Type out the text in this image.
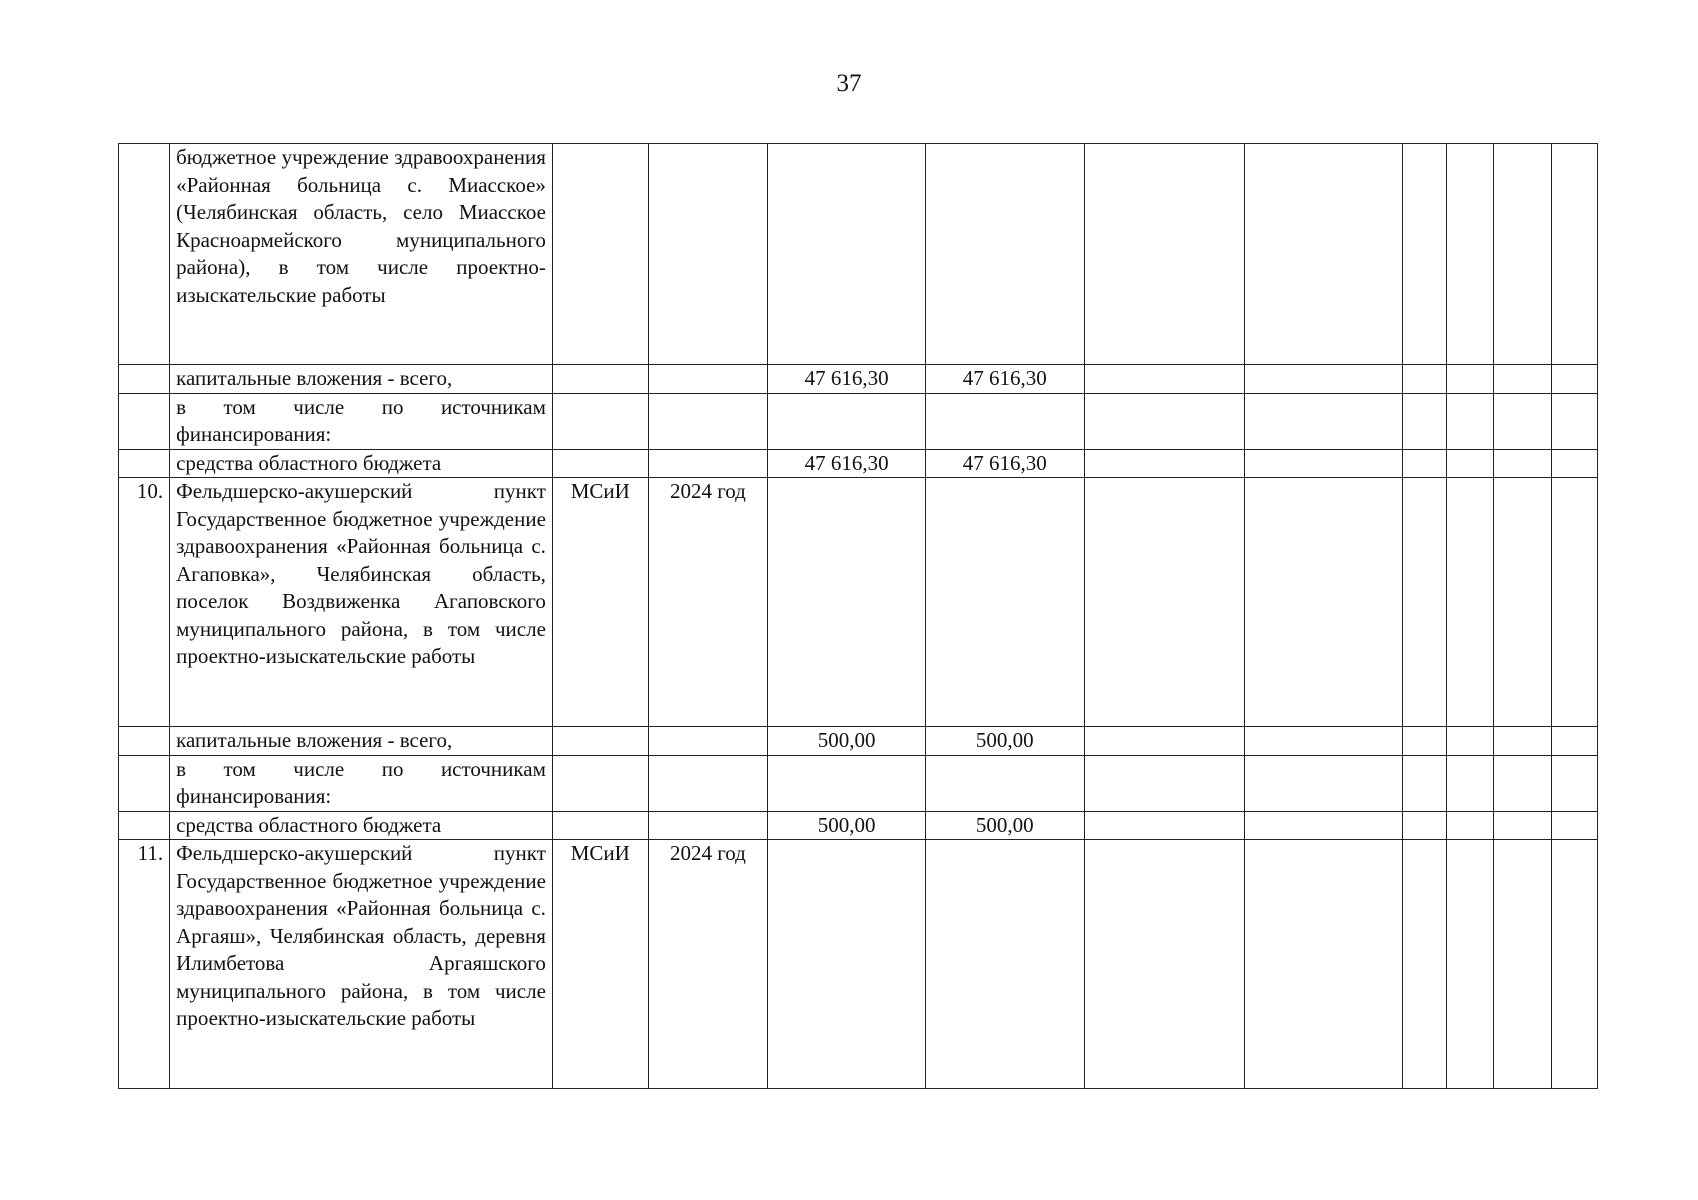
37
	бюджетное учреждение здравоохранения «Районная больница с. Миасское» (Челябинская область, село Миасское Красноармейского муниципального района), в том числе проектно-изыскательские работы										
	капитальные вложения - всего,			47 616,30	47 616,30						
	в том числе по источникам финансирования:										
	средства областного бюджета			47 616,30	47 616,30						
10.	Фельдшерско-акушерский пункт Государственное бюджетное учреждение здравоохранения «Районная больница с. Агаповка», Челябинская область, поселок Воздвиженка Агаповского муниципального района, в том числе проектно-изыскательские работы	МСиИ	2024 год								
	капитальные вложения - всего,			500,00	500,00						
	в том числе по источникам финансирования:										
	средства областного бюджета			500,00	500,00						
11.	Фельдшерско-акушерский пункт Государственное бюджетное учреждение здравоохранения «Районная больница с. Аргаяш», Челябинская область, деревня Илимбетова Аргаяшского муниципального района, в том числе проектно-изыскательские работы	МСиИ	2024 год								
